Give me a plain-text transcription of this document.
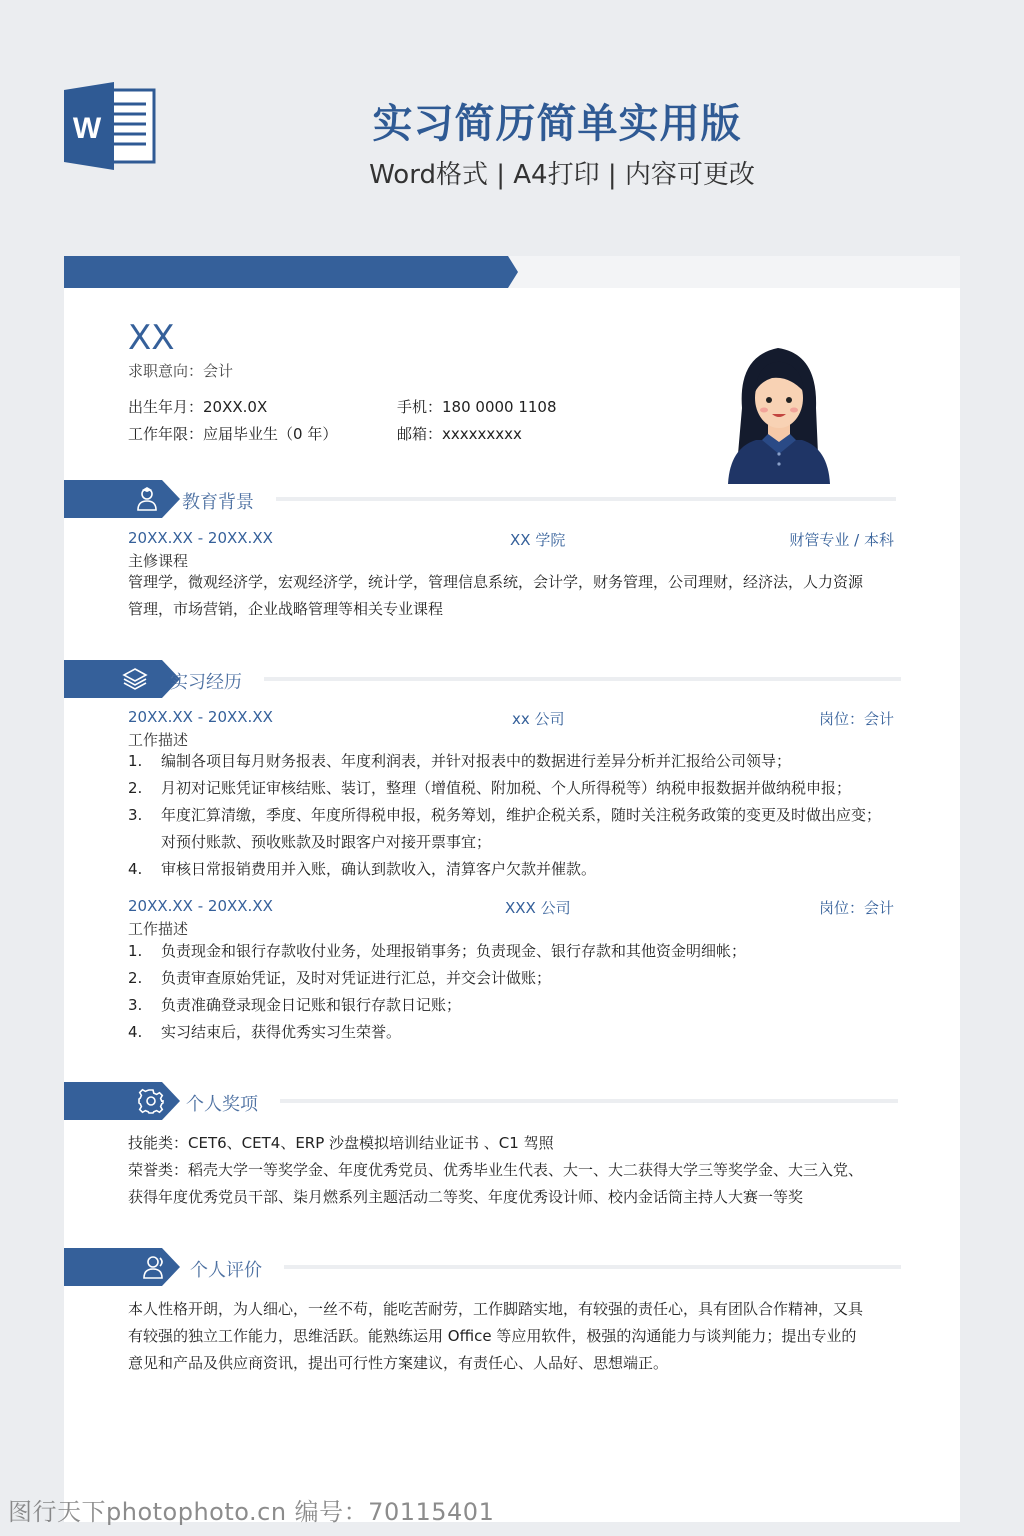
W	实习简历简单实用版
Word格式 | A4打印 | 内容可更改
XX
求职意向：会计
出生年月：20XX.0X	手机：180 0000 1108
工作年限：应届毕业生（0 年）	邮箱：xxxxxxxxx
教育背景
20XX.XX - 20XX.XX	XX 学院	财管专业 / 本科
主修课程
管理学，微观经济学，宏观经济学，统计学，管理信息系统，会计学，财务管理，公司理财，经济法，人力资源
管理，市场营销，企业战略管理等相关专业课程
实习经历
20XX.XX - 20XX.XX	xx 公司	岗位：会计
工作描述
1. 编制各项目每月财务报表、年度利润表，并针对报表中的数据进行差异分析并汇报给公司领导；
2. 月初对记账凭证审核结账、装订，整理（增值税、附加税、个人所得税等）纳税申报数据并做纳税申报；
3. 年度汇算清缴，季度、年度所得税申报，税务筹划，维护企税关系，随时关注税务政策的变更及时做出应变；对预付账款、预收账款及时跟客户对接开票事宜；
4. 审核日常报销费用并入账，确认到款收入，清算客户欠款并催款。
20XX.XX - 20XX.XX	XXX 公司	岗位：会计
工作描述
1. 负责现金和银行存款收付业务，处理报销事务；负责现金、银行存款和其他资金明细帐；
2. 负责审查原始凭证，及时对凭证进行汇总，并交会计做账；
3. 负责准确登录现金日记账和银行存款日记账；
4. 实习结束后，获得优秀实习生荣誉。
个人奖项
技能类：CET6、CET4、ERP 沙盘模拟培训结业证书 、C1 驾照
荣誉类：稻壳大学一等奖学金、年度优秀党员、优秀毕业生代表、大一、大二获得大学三等奖学金、大三入党、
获得年度优秀党员干部、柒月燃系列主题活动二等奖、年度优秀设计师、校内金话筒主持人大赛一等奖
个人评价
本人性格开朗，为人细心，一丝不苟，能吃苦耐劳，工作脚踏实地，有较强的责任心，具有团队合作精神，又具
有较强的独立工作能力，思维活跃。能熟练运用 Office 等应用软件，极强的沟通能力与谈判能力；提出专业的
意见和产品及供应商资讯，提出可行性方案建议，有责任心、人品好、思想端正。
图行天下photophoto.cn 编号：70115401
